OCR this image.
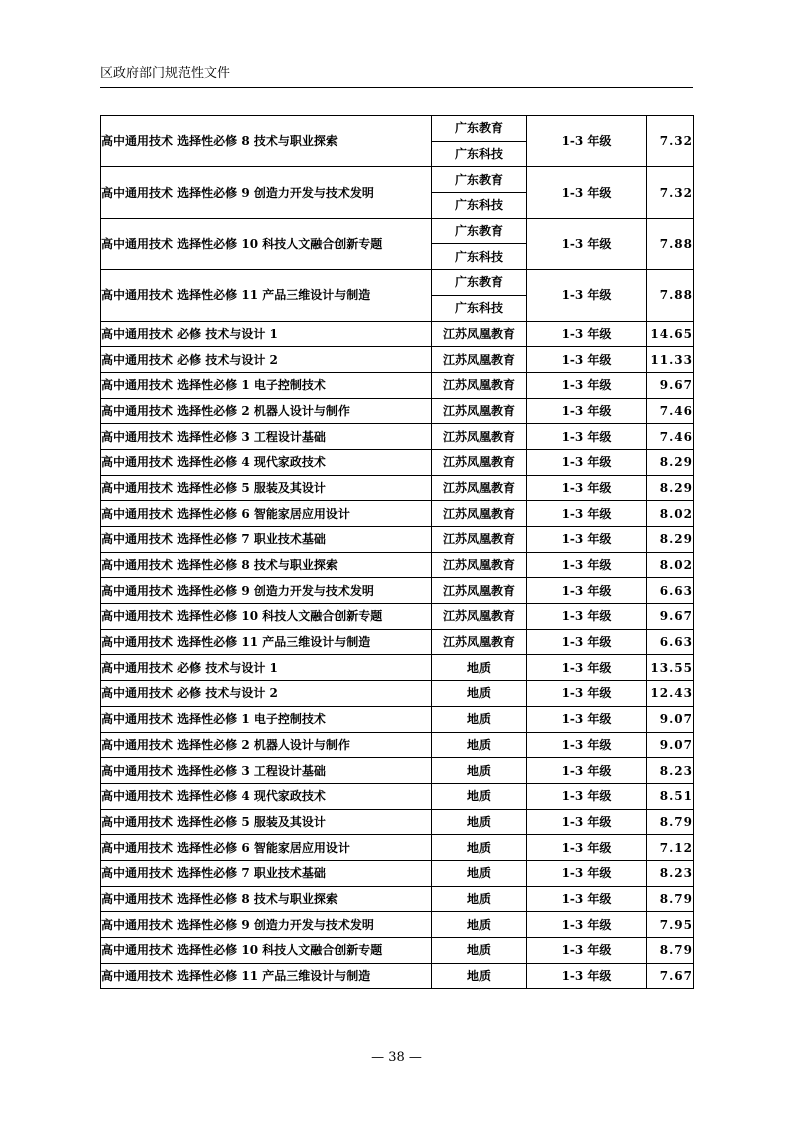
区政府部门规范性文件
高中通用技术 选择性必修 8 技术与职业探索	广东教育	1-3 年级	7.32
	广东科技		
高中通用技术 选择性必修 9 创造力开发与技术发明	广东教育	1-3 年级	7.32
	广东科技		
高中通用技术 选择性必修 10 科技人文融合创新专题	广东教育	1-3 年级	7.88
	广东科技		
高中通用技术 选择性必修 11 产品三维设计与制造	广东教育	1-3 年级	7.88
	广东科技		
高中通用技术 必修 技术与设计 1	江苏凤凰教育	1-3 年级	14.65
高中通用技术 必修 技术与设计 2	江苏凤凰教育	1-3 年级	11.33
高中通用技术 选择性必修 1 电子控制技术	江苏凤凰教育	1-3 年级	9.67
高中通用技术 选择性必修 2 机器人设计与制作	江苏凤凰教育	1-3 年级	7.46
高中通用技术 选择性必修 3 工程设计基础	江苏凤凰教育	1-3 年级	7.46
高中通用技术 选择性必修 4 现代家政技术	江苏凤凰教育	1-3 年级	8.29
高中通用技术 选择性必修 5 服装及其设计	江苏凤凰教育	1-3 年级	8.29
高中通用技术 选择性必修 6 智能家居应用设计	江苏凤凰教育	1-3 年级	8.02
高中通用技术 选择性必修 7 职业技术基础	江苏凤凰教育	1-3 年级	8.29
高中通用技术 选择性必修 8 技术与职业探索	江苏凤凰教育	1-3 年级	8.02
高中通用技术 选择性必修 9 创造力开发与技术发明	江苏凤凰教育	1-3 年级	6.63
高中通用技术 选择性必修 10 科技人文融合创新专题	江苏凤凰教育	1-3 年级	9.67
高中通用技术 选择性必修 11 产品三维设计与制造	江苏凤凰教育	1-3 年级	6.63
高中通用技术 必修 技术与设计 1	地质	1-3 年级	13.55
高中通用技术 必修 技术与设计 2	地质	1-3 年级	12.43
高中通用技术 选择性必修 1 电子控制技术	地质	1-3 年级	9.07
高中通用技术 选择性必修 2 机器人设计与制作	地质	1-3 年级	9.07
高中通用技术 选择性必修 3 工程设计基础	地质	1-3 年级	8.23
高中通用技术 选择性必修 4 现代家政技术	地质	1-3 年级	8.51
高中通用技术 选择性必修 5 服装及其设计	地质	1-3 年级	8.79
高中通用技术 选择性必修 6 智能家居应用设计	地质	1-3 年级	7.12
高中通用技术 选择性必修 7 职业技术基础	地质	1-3 年级	8.23
高中通用技术 选择性必修 8 技术与职业探索	地质	1-3 年级	8.79
高中通用技术 选择性必修 9 创造力开发与技术发明	地质	1-3 年级	7.95
高中通用技术 选择性必修 10 科技人文融合创新专题	地质	1-3 年级	8.79
高中通用技术 选择性必修 11 产品三维设计与制造	地质	1-3 年级	7.67
— 38 —
